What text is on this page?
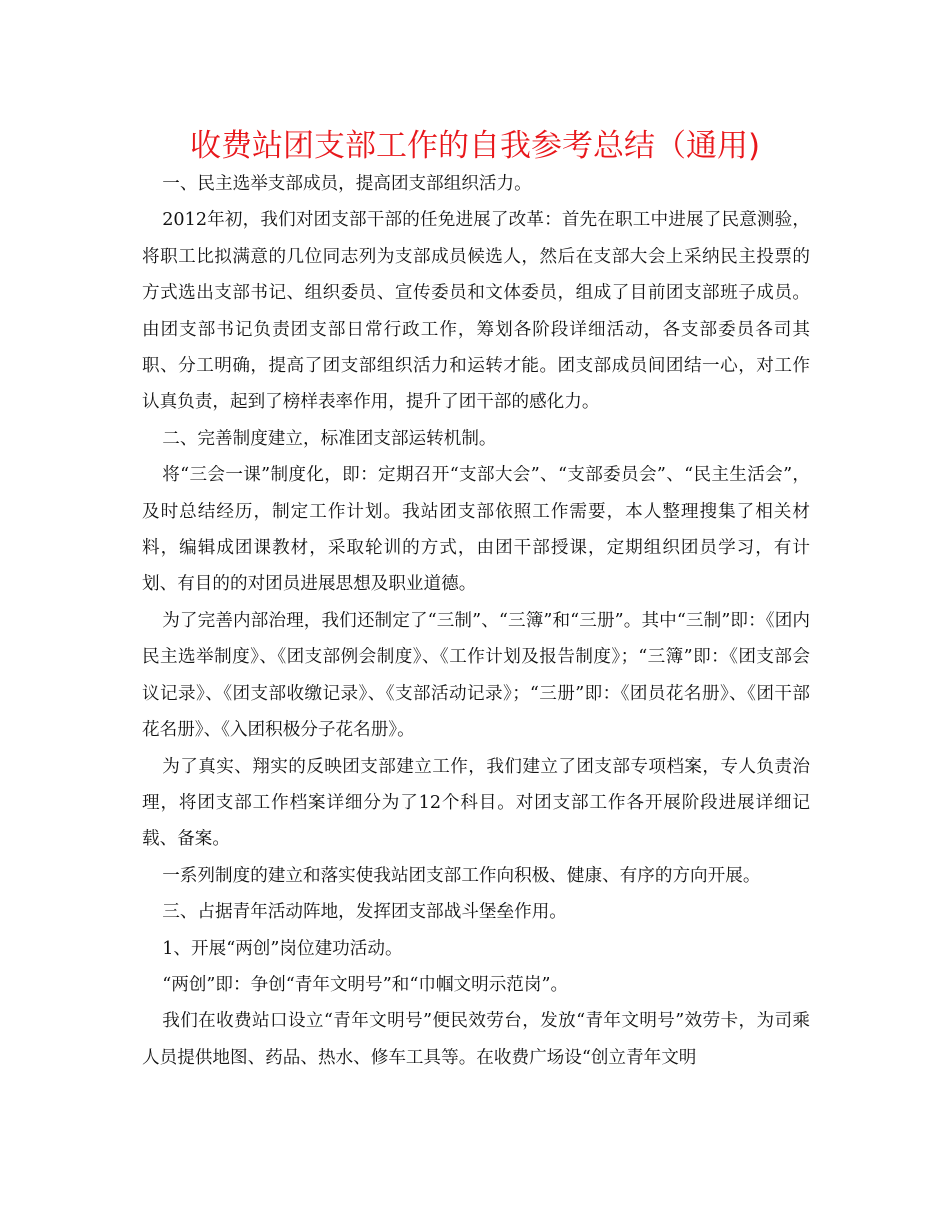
收费站团支部工作的自我参考总结（通用)

一、民主选举支部成员，提高团支部组织活力。

2012年初，我们对团支部干部的任免进展了改革：首先在职工中进展了民意测验，将职工比拟满意的几位同志列为支部成员候选人，然后在支部大会上采纳民主投票的方式选出支部书记、组织委员、宣传委员和文体委员，组成了目前团支部班子成员。由团支部书记负责团支部日常行政工作，筹划各阶段详细活动，各支部委员各司其职、分工明确，提高了团支部组织活力和运转才能。团支部成员间团结一心，对工作认真负责，起到了榜样表率作用，提升了团干部的感化力。

二、完善制度建立，标准团支部运转机制。

将“三会一课”制度化，即：定期召开“支部大会”、“支部委员会”、“民主生活会”，及时总结经历，制定工作计划。我站团支部依照工作需要，本人整理搜集了相关材料，编辑成团课教材，采取轮训的方式，由团干部授课，定期组织团员学习，有计划、有目的的对团员进展思想及职业道德。

为了完善内部治理，我们还制定了“三制”、“三簿”和“三册”。其中“三制”即：《团内民主选举制度》、《团支部例会制度》、《工作计划及报告制度》；“三簿”即：《团支部会议记录》、《团支部收缴记录》、《支部活动记录》；“三册”即：《团员花名册》、《团干部花名册》、《入团积极分子花名册》。

为了真实、翔实的反映团支部建立工作，我们建立了团支部专项档案，专人负责治理，将团支部工作档案详细分为了12个科目。对团支部工作各开展阶段进展详细记载、备案。

一系列制度的建立和落实使我站团支部工作向积极、健康、有序的方向开展。

三、占据青年活动阵地，发挥团支部战斗堡垒作用。

1、开展“两创”岗位建功活动。

“两创”即：争创“青年文明号”和“巾帼文明示范岗”。

我们在收费站口设立“青年文明号”便民效劳台，发放“青年文明号”效劳卡，为司乘人员提供地图、药品、热水、修车工具等。在收费广场设“创立青年文明
